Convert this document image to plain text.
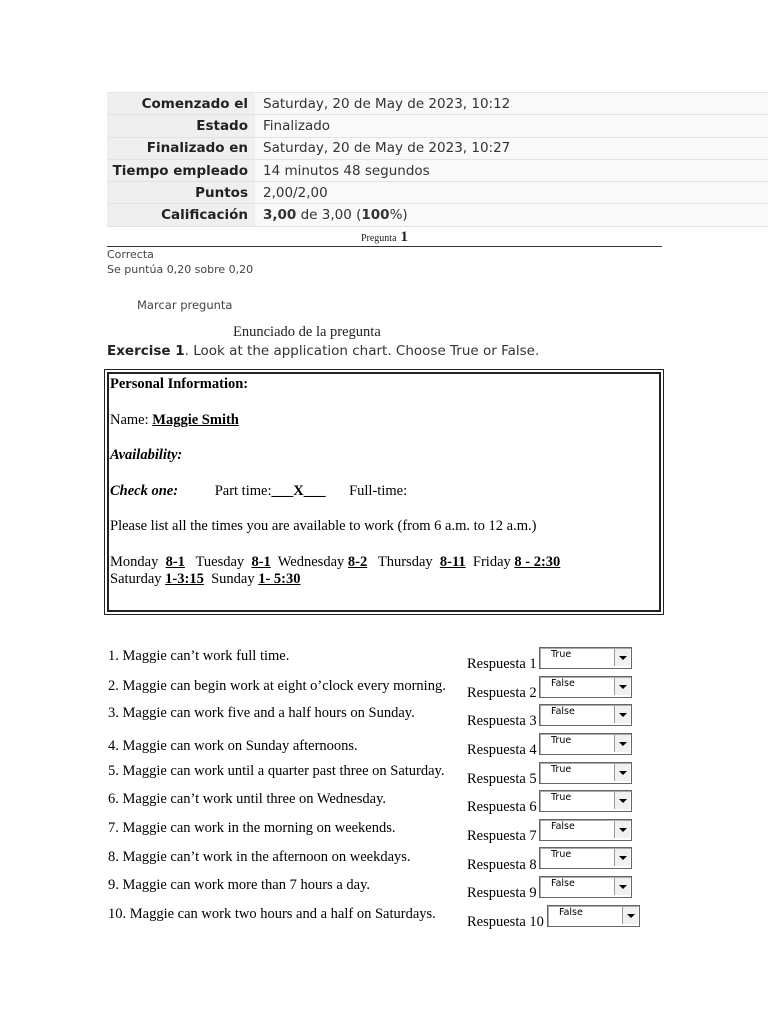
Comenzado el	Saturday, 20 de May de 2023, 10:12
Estado	Finalizado
Finalizado en	Saturday, 20 de May de 2023, 10:27
Tiempo empleado	14 minutos 48 segundos
Puntos	2,00/2,00
Calificación	3,00 de 3,00 (100%)
Pregunta 1
Correcta
Se puntúa 0,20 sobre 0,20
Marcar pregunta
Enunciado de la pregunta
Exercise 1. Look at the application chart. Choose True or False.
Personal Information:
Name: Maggie Smith
Availability:
Check one:	Part time:___X___ Full-time:
Please list all the times you are available to work (from 6 a.m. to 12 a.m.)
Monday 8-1 Tuesday 8-1 Wednesday 8-2 Thursday 8-11 Friday 8 - 2:30
Saturday 1-3:15 Sunday 1- 5:30
1. Maggie can’t work full time.	Respuesta 1
True
2. Maggie can begin work at eight o’clock every morning. Respuesta 2
False
3. Maggie can work five and a half hours on Sunday.	Respuesta 3
False
4. Maggie can work on Sunday afternoons.	Respuesta 4
True
5. Maggie can work until a quarter past three on Saturday. Respuesta 5
True
6. Maggie can’t work until three on Wednesday.	Respuesta 6
True
7. Maggie can work in the morning on weekends.	Respuesta 7
False
8. Maggie can’t work in the afternoon on weekdays.	Respuesta 8
True
9. Maggie can work more than 7 hours a day.	Respuesta 9
False
10. Maggie can work two hours and a half on Saturdays. Respuesta 10
False
